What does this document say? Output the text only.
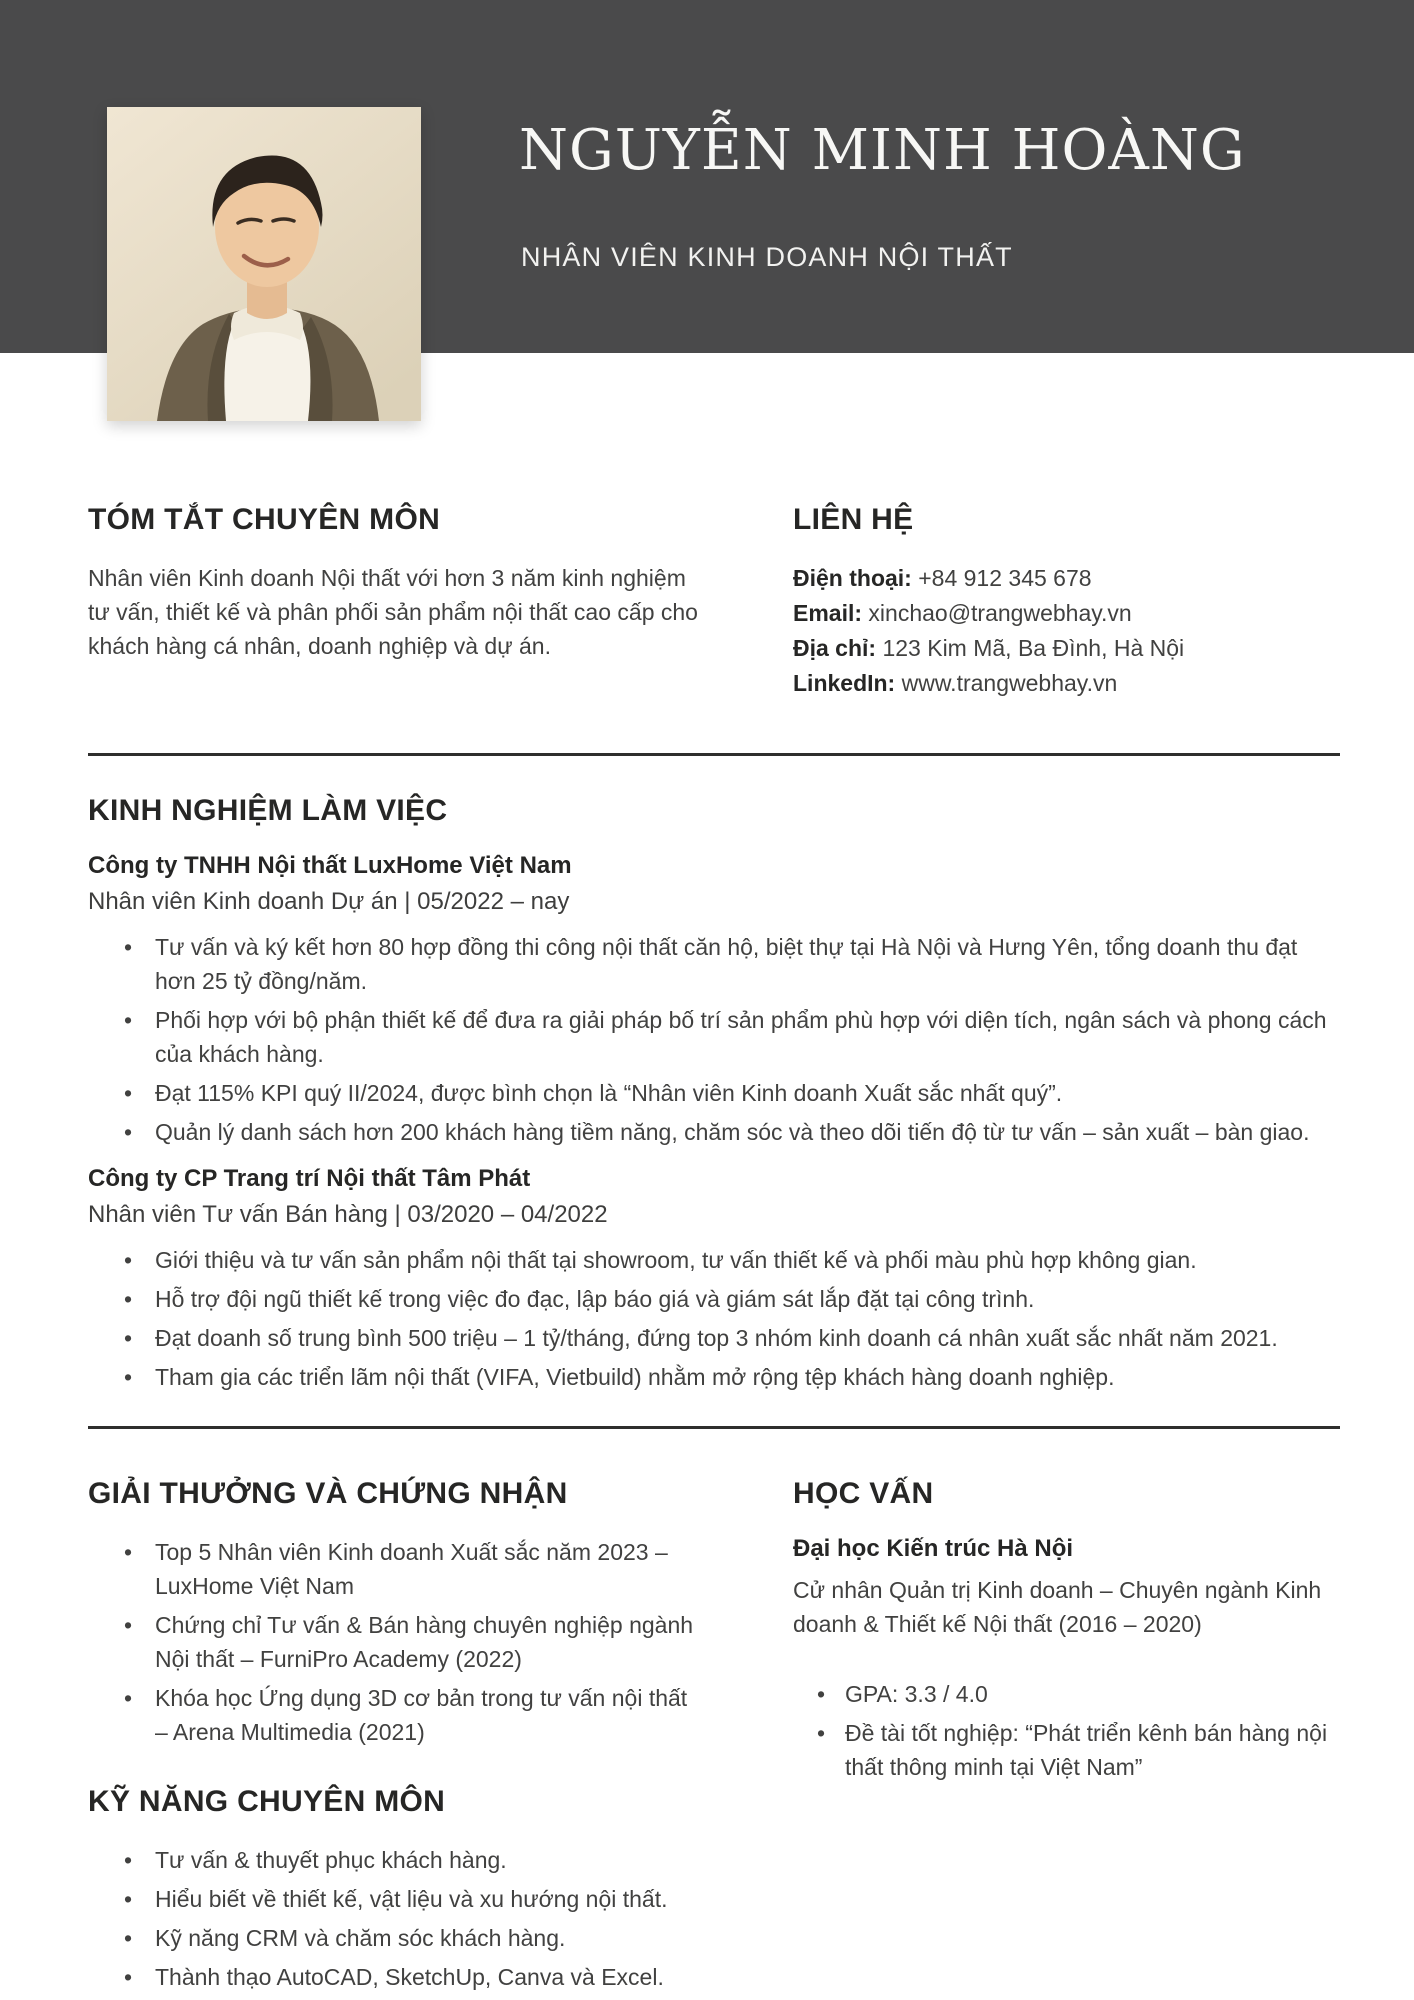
NGUYỄN MINH HOÀNG
NHÂN VIÊN KINH DOANH NỘI THẤT
TÓM TẮT CHUYÊN MÔN

Nhân viên Kinh doanh Nội thất với hơn 3 năm kinh nghiệm tư vấn, thiết kế và phân phối sản phẩm nội thất cao cấp cho khách hàng cá nhân, doanh nghiệp và dự án.

LIÊN HỆ
Điện thoại: +84 912 345 678
Email: xinchao@trangwebhay.vn
Địa chỉ: 123 Kim Mã, Ba Đình, Hà Nội
LinkedIn: www.trangwebhay.vn
KINH NGHIỆM LÀM VIỆC
Công ty TNHH Nội thất LuxHome Việt Nam
Nhân viên Kinh doanh Dự án | 05/2022 – nay
• Tư vấn và ký kết hơn 80 hợp đồng thi công nội thất căn hộ, biệt thự tại Hà Nội và Hưng Yên, tổng doanh thu đạt hơn 25 tỷ đồng/năm.
• Phối hợp với bộ phận thiết kế để đưa ra giải pháp bố trí sản phẩm phù hợp với diện tích, ngân sách và phong cách của khách hàng.
• Đạt 115% KPI quý II/2024, được bình chọn là “Nhân viên Kinh doanh Xuất sắc nhất quý”.
• Quản lý danh sách hơn 200 khách hàng tiềm năng, chăm sóc và theo dõi tiến độ từ tư vấn – sản xuất – bàn giao.
Công ty CP Trang trí Nội thất Tâm Phát
Nhân viên Tư vấn Bán hàng | 03/2020 – 04/2022
• Giới thiệu và tư vấn sản phẩm nội thất tại showroom, tư vấn thiết kế và phối màu phù hợp không gian.
• Hỗ trợ đội ngũ thiết kế trong việc đo đạc, lập báo giá và giám sát lắp đặt tại công trình.
• Đạt doanh số trung bình 500 triệu – 1 tỷ/tháng, đứng top 3 nhóm kinh doanh cá nhân xuất sắc nhất năm 2021.
• Tham gia các triển lãm nội thất (VIFA, Vietbuild) nhằm mở rộng tệp khách hàng doanh nghiệp.
GIẢI THƯỞNG VÀ CHỨNG NHẬN
• Top 5 Nhân viên Kinh doanh Xuất sắc năm 2023 – LuxHome Việt Nam
• Chứng chỉ Tư vấn & Bán hàng chuyên nghiệp ngành Nội thất – FurniPro Academy (2022)
• Khóa học Ứng dụng 3D cơ bản trong tư vấn nội thất – Arena Multimedia (2021)
KỸ NĂNG CHUYÊN MÔN
• Tư vấn & thuyết phục khách hàng.
• Hiểu biết về thiết kế, vật liệu và xu hướng nội thất.
• Kỹ năng CRM và chăm sóc khách hàng.
• Thành thạo AutoCAD, SketchUp, Canva và Excel.
HỌC VẤN
Đại học Kiến trúc Hà Nội
Cử nhân Quản trị Kinh doanh – Chuyên ngành Kinh doanh & Thiết kế Nội thất (2016 – 2020)
• GPA: 3.3 / 4.0
• Đề tài tốt nghiệp: “Phát triển kênh bán hàng nội thất thông minh tại Việt Nam”
